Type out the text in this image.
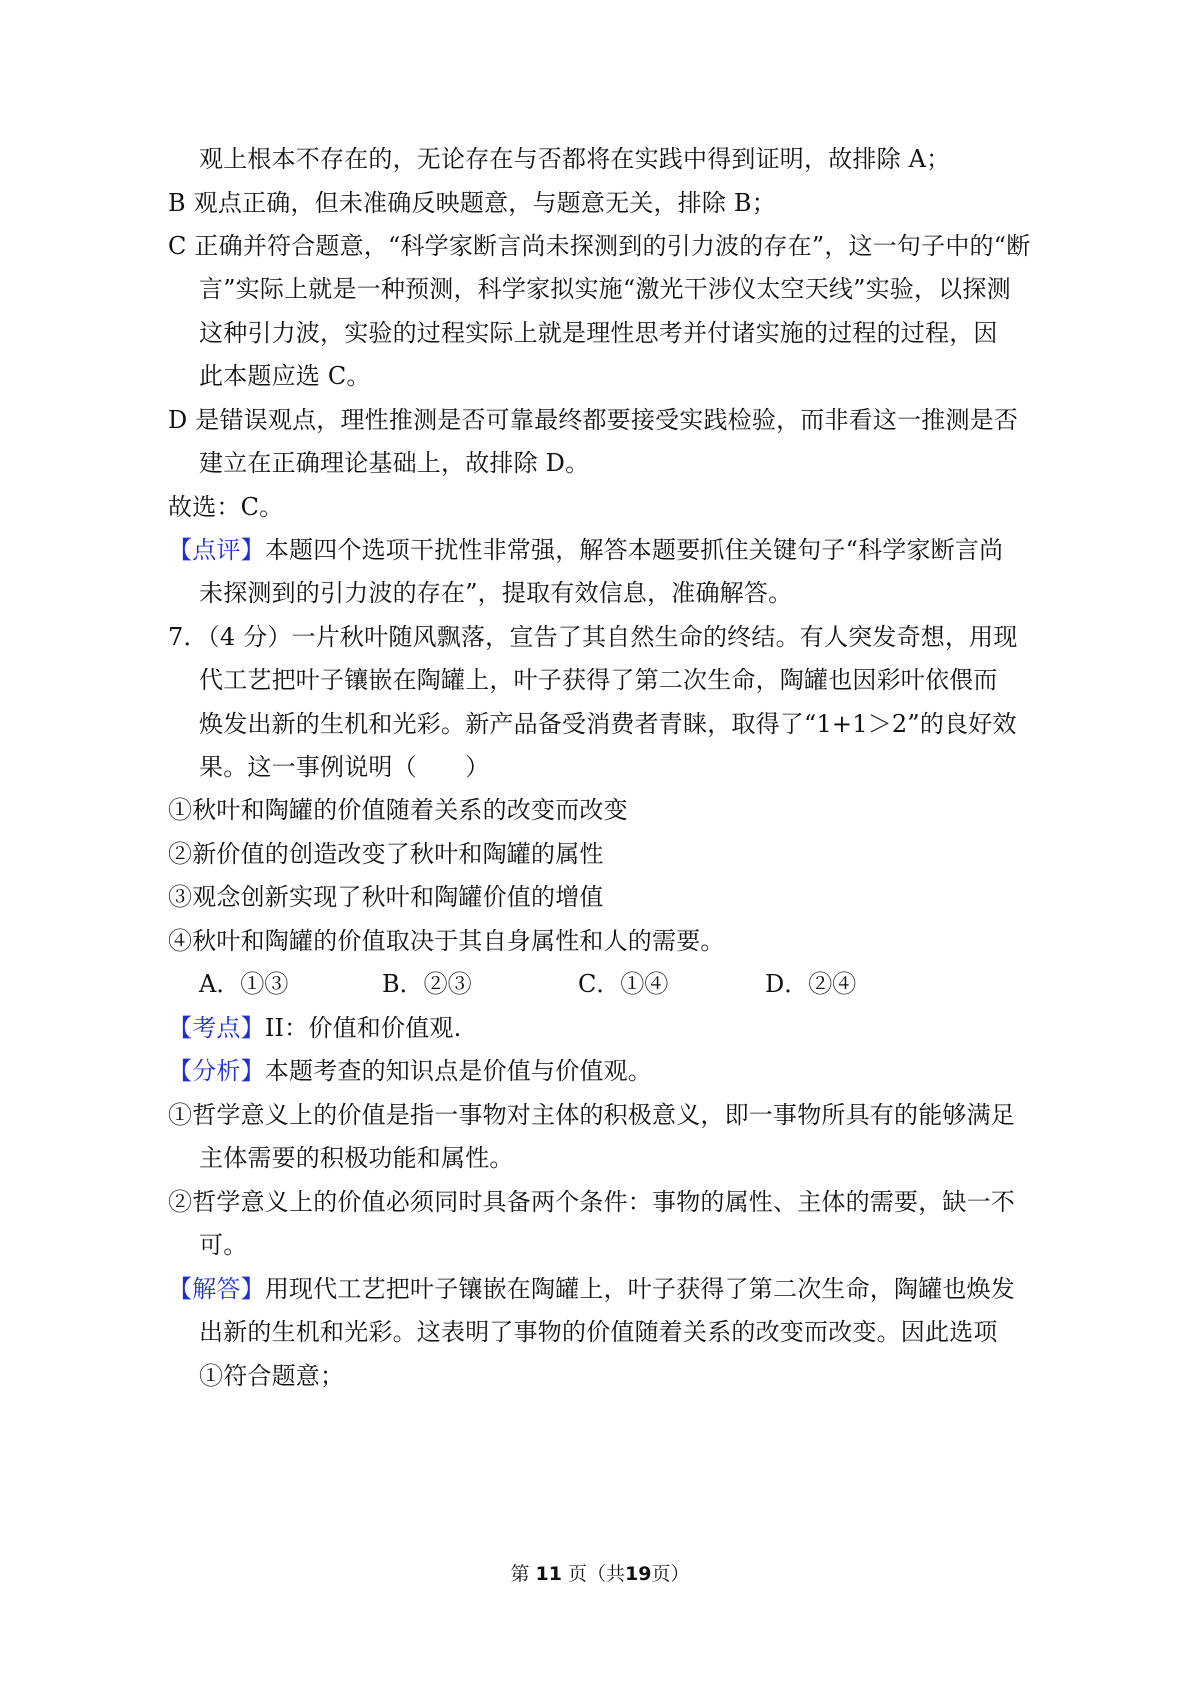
观上根本不存在的，无论存在与否都将在实践中得到证明，故排除 A；
B 观点正确，但未准确反映题意，与题意无关，排除 B；
C 正确并符合题意，“科学家断言尚未探测到的引力波的存在”，这一句子中的“断
言”实际上就是一种预测，科学家拟实施“激光干涉仪太空天线”实验，以探测
这种引力波，实验的过程实际上就是理性思考并付诸实施的过程的过程，因
此本题应选 C。
D 是错误观点，理性推测是否可靠最终都要接受实践检验，而非看这一推测是否
建立在正确理论基础上，故排除 D。
故选：C。
【点评】本题四个选项干扰性非常强，解答本题要抓住关键句子“科学家断言尚
未探测到的引力波的存在”，提取有效信息，准确解答。
7．（4 分）一片秋叶随风飘落，宣告了其自然生命的终结。有人突发奇想，用现
代工艺把叶子镶嵌在陶罐上，叶子获得了第二次生命，陶罐也因彩叶依偎而
焕发出新的生机和光彩。新产品备受消费者青睐，取得了“1+1＞2”的良好效
果。这一事例说明（　　）
①秋叶和陶罐的价值随着关系的改变而改变
②新价值的创造改变了秋叶和陶罐的属性
③观念创新实现了秋叶和陶罐价值的增值
④秋叶和陶罐的价值取决于其自身属性和人的需要。
A．①③	B．②③	C．①④	D．②④
【考点】II：价值和价值观.
【分析】本题考查的知识点是价值与价值观。
①哲学意义上的价值是指一事物对主体的积极意义，即一事物所具有的能够满足
主体需要的积极功能和属性。
②哲学意义上的价值必须同时具备两个条件：事物的属性、主体的需要，缺一不
可。
【解答】用现代工艺把叶子镶嵌在陶罐上，叶子获得了第二次生命，陶罐也焕发
出新的生机和光彩。这表明了事物的价值随着关系的改变而改变。因此选项
①符合题意；
第 11 页（共19页）
